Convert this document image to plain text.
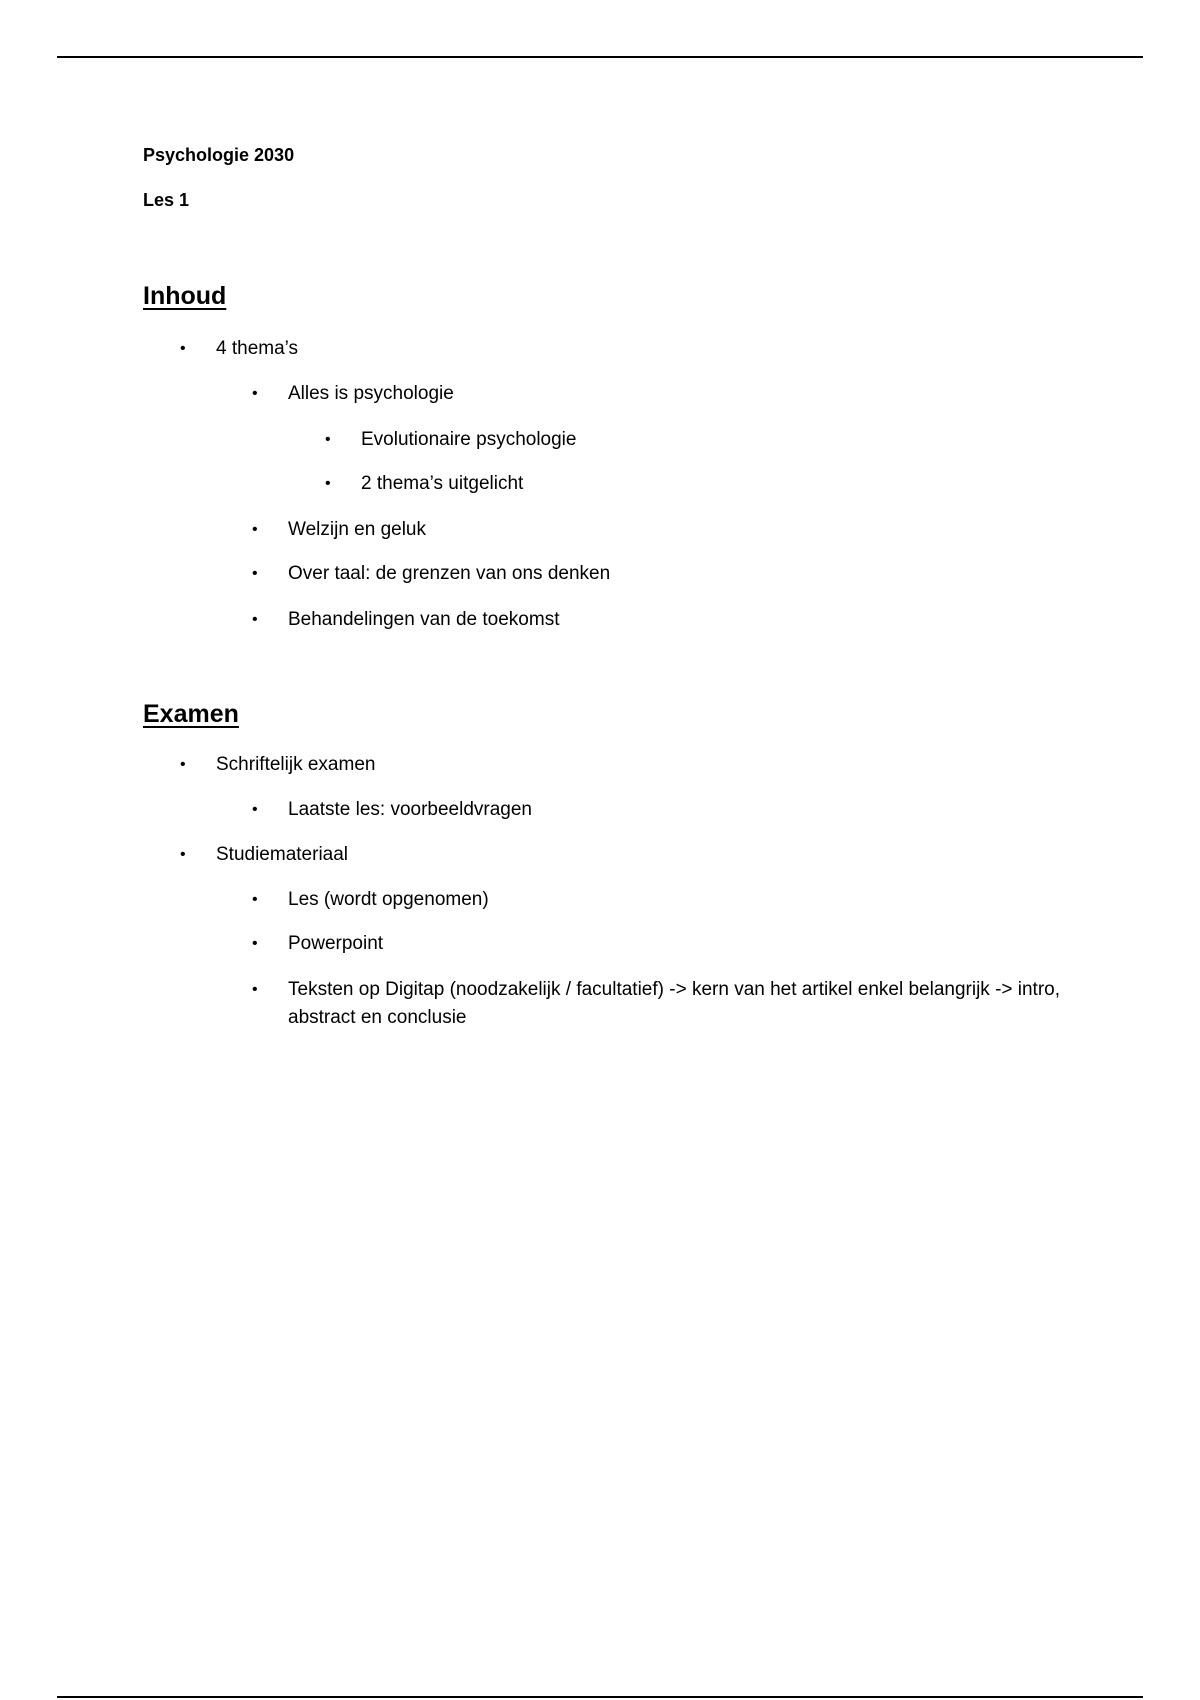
Psychologie 2030

Les 1

Inhoud
• 4 thema’s
• Alles is psychologie
• Evolutionaire psychologie
• 2 thema’s uitgelicht
• Welzijn en geluk
• Over taal: de grenzen van ons denken
• Behandelingen van de toekomst
Examen
• Schriftelijk examen
• Laatste les: voorbeeldvragen
• Studiemateriaal
• Les (wordt opgenomen)
• Powerpoint
• Teksten op Digitap (noodzakelijk / facultatief) -> kern van het artikel enkel belangrijk -> intro, abstract en conclusie
